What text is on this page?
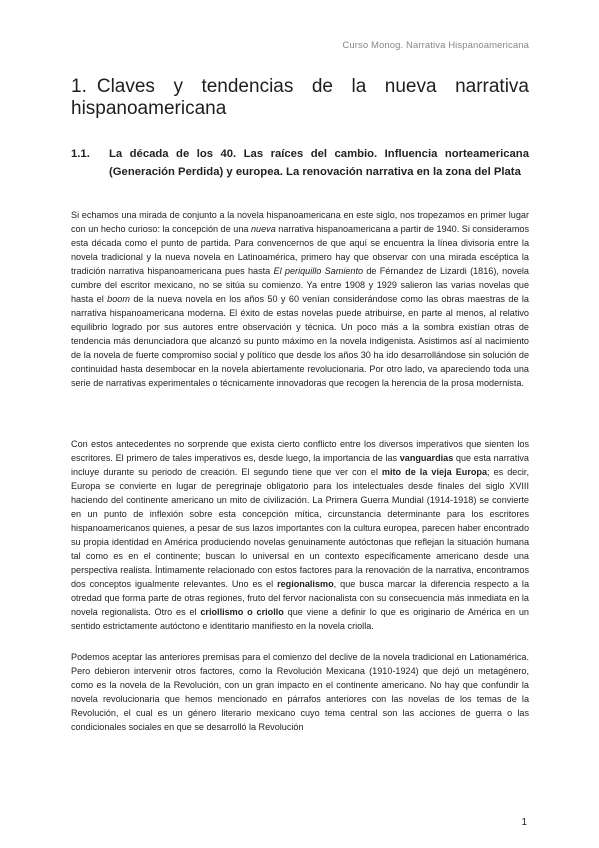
Curso Monog. Narrativa Hispanoamericana
1. Claves y tendencias de la nueva narrativa hispanoamericana
1.1.	La década de los 40. Las raíces del cambio. Influencia norteamericana (Generación Perdida) y europea. La renovación narrativa en la zona del Plata

Si echamos una mirada de conjunto a la novela hispanoamericana en este siglo, nos tropezamos en primer lugar con un hecho curioso: la concepción de una nueva narrativa hispanoamericana a partir de 1940. Si consideramos esta década como el punto de partida. Para convencernos de que aquí se encuentra la línea divisoria entre la novela tradicional y la nueva novela en Latinoamérica, primero hay que observar con una mirada escéptica la tradición narrativa hispanoamericana pues hasta El periquillo Samiento de Férnandez de Lizardi (1816), novela cumbre del escritor mexicano, no se sitúa su comienzo. Ya entre 1908 y 1929 salieron las varias novelas que hasta el boom de la nueva novela en los años 50 y 60 venían considerándose como las obras maestras de la narrativa hispanoamericana moderna. El éxito de estas novelas puede atribuirse, en parte al menos, al relativo equilibrio logrado por sus autores entre observación y técnica. Un poco más a la sombra existían otras de tendencia más denunciadora que alcanzó su punto máximo en la novela indigenista. Asistimos así al nacimiento de la novela de fuerte compromiso social y político que desde los años 30 ha ido desarrollándose sin solución de continuidad hasta desembocar en la novela abiertamente revolucionaria. Por otro lado, va apareciendo toda una serie de narrativas experimentales o técnicamente innovadoras que recogen la herencia de la prosa modernista.

Con estos antecedentes no sorprende que exista cierto conflicto entre los diversos imperativos que sienten los escritores. El primero de tales imperativos es, desde luego, la importancia de las vanguardias que esta narrativa incluye durante su periodo de creación. El segundo tiene que ver con el mito de la vieja Europa; es decir, Europa se convierte en lugar de peregrinaje obligatorio para los intelectuales desde finales del siglo XVIII haciendo del continente americano un mito de civilización. La Primera Guerra Mundial (1914-1918) se convierte en un punto de inflexión sobre esta concepción mítica, circunstancia determinante para los escritores hispanoamericanos quienes, a pesar de sus lazos importantes con la cultura europea, parecen haber encontrado su propia identidad en América produciendo novelas genuinamente autóctonas que reflejan la situación humana tal como es en el continente; buscan lo universal en un contexto específicamente americano desde una perspectiva realista. Íntimamente relacionado con estos factores para la renovación de la narrativa, encontramos dos conceptos igualmente relevantes. Uno es el regionalismo, que busca marcar la diferencia respecto a la otredad que forma parte de otras regiones, fruto del fervor nacionalista con su consecuencia más inmediata en la novela regionalista. Otro es el criollismo o criollo que viene a definir lo que es originario de América en un sentido estrictamente autóctono e identitario manifiesto en la novela criolla.

Podemos aceptar las anteriores premisas para el comienzo del declive de la novela tradicional en Lationamérica. Pero debieron intervenir otros factores, como la Revolución Mexicana (1910-1924) que dejó un metagénero, como es la novela de la Revolución, con un gran impacto en el continente americano. No hay que confundir la novela revolucionaria que hemos mencionado en párrafos anteriores con las novelas de los temas de la Revolución, el cual es un género literario mexicano cuyo tema central son las acciones de guerra o las condicionales sociales en que se desarrolló la Revolución

1
